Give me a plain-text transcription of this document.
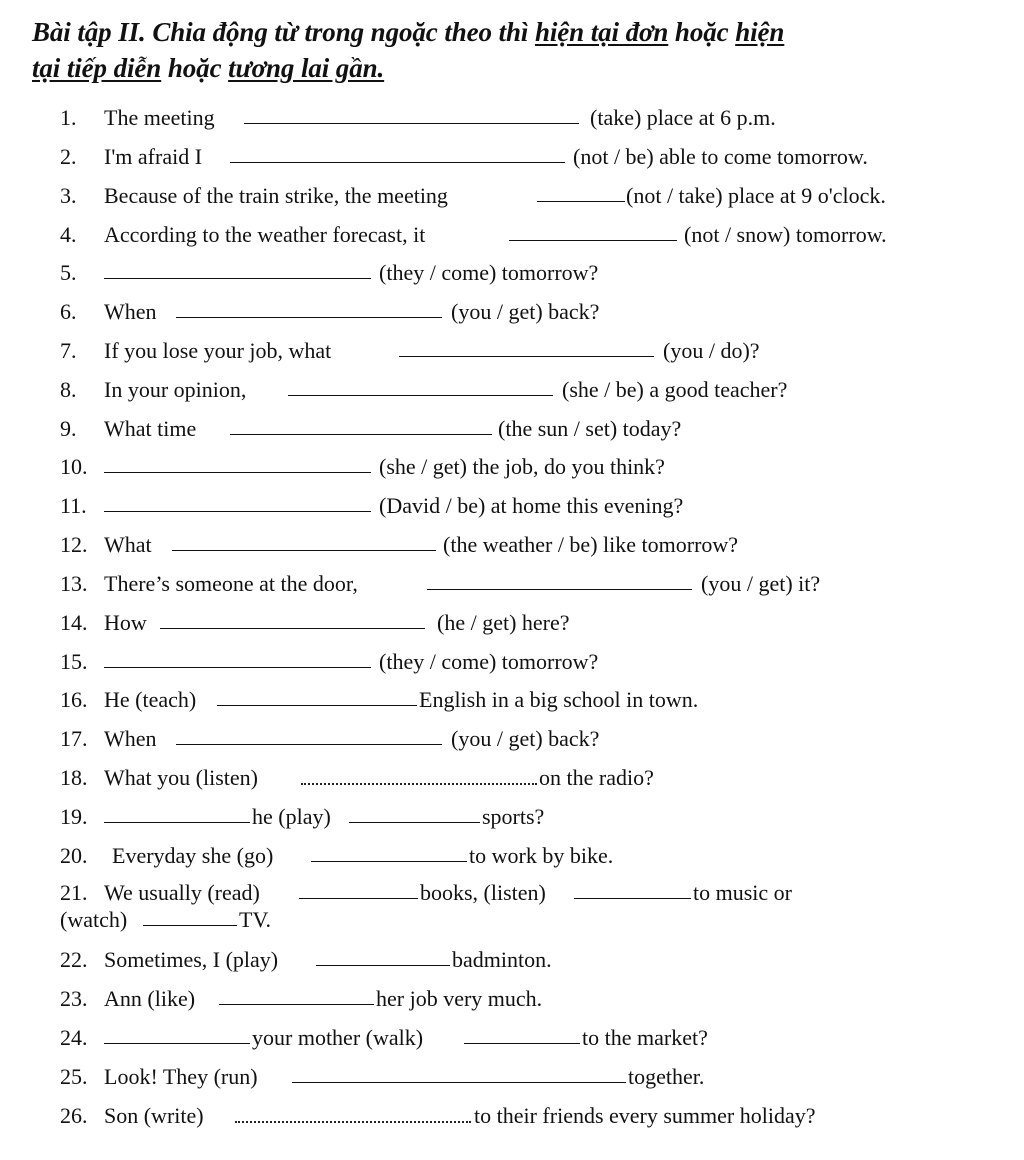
Bài tập II. Chia động từ trong ngoặc theo thì hiện tại đơn hoặc hiện
tại tiếp diễn hoặc tương lai gần.
1. The meeting	(take) place at 6 p.m.
2. I'm afraid I	(not / be) able to come tomorrow.
3. Because of the train strike, the meeting	(not / take) place at 9 o'clock.
4. According to the weather forecast, it	(not / snow) tomorrow.
5.	(they / come) tomorrow?
6. When	(you / get) back?
7. If you lose your job, what	(you / do)?
8. In your opinion,	(she / be) a good teacher?
9. What time	(the sun / set) today?
10.	(she / get) the job, do you think?
11.	(David / be) at home this evening?
12. What	(the weather / be) like tomorrow?
13. There’s someone at the door,	(you / get) it?
14. How	(he / get) here?
15.	(they / come) tomorrow?
16. He (teach)	English in a big school in town.
17. When	(you / get) back?
18. What you (listen)	on the radio?
19.	he (play)	sports?
20. Everyday she (go)	to work by bike.
21. We usually (read)	books, (listen)	to music or
(watch)	TV.
22. Sometimes, I (play)	badminton.
23. Ann (like)	her job very much.
24.	your mother (walk)	to the market?
25. Look! They (run)	together.
26. Son (write)	to their friends every summer holiday?
